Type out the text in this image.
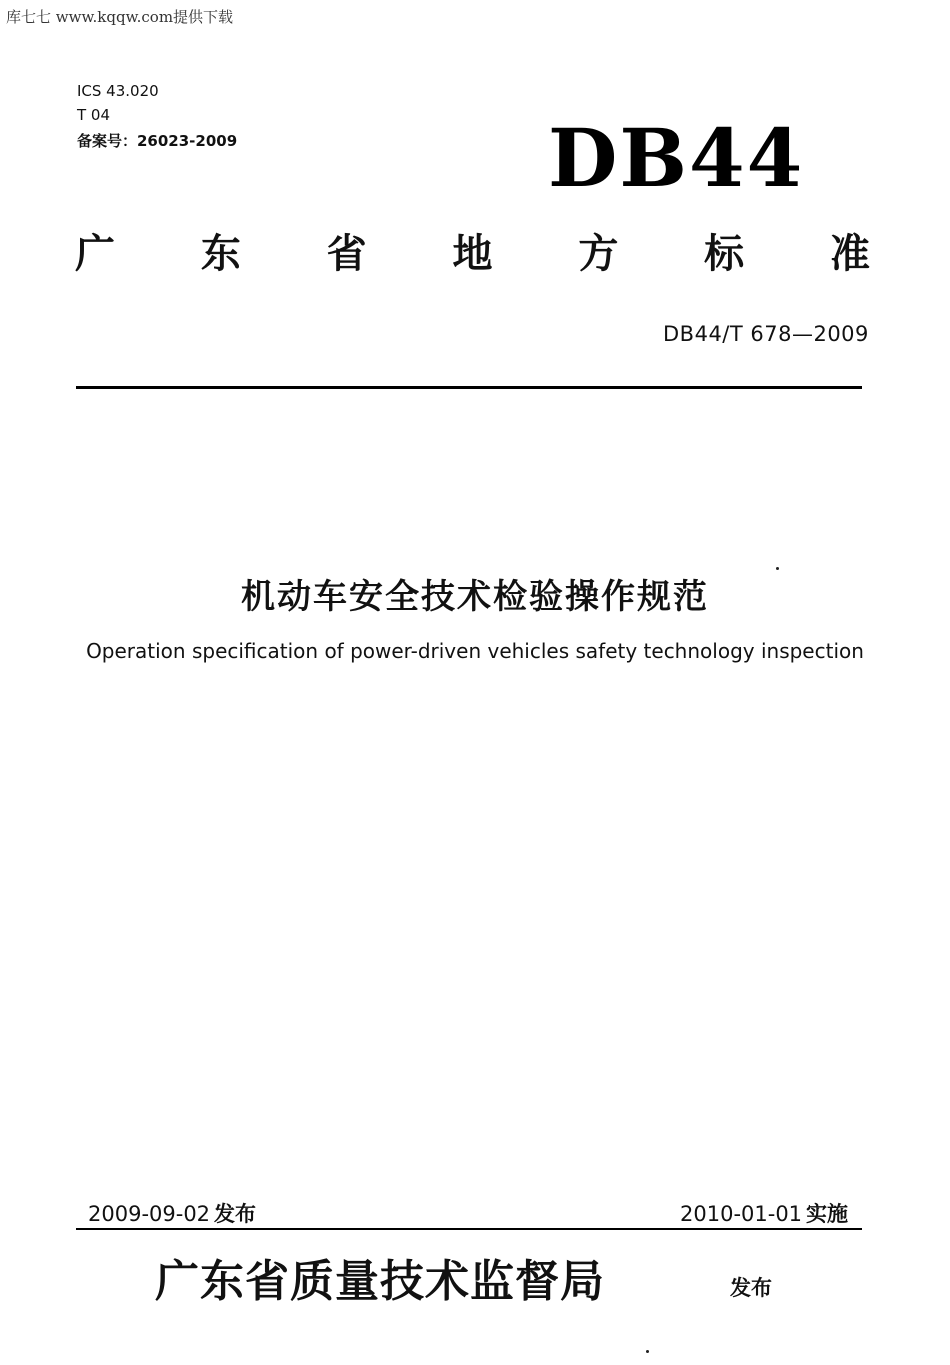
库七七 www.kqqw.com提供下载
ICS 43.020
T 04
备案号：26023-2009	DB44
广 东 省 地 方 标 准
DB44/T 678—2009
机动车安全技术检验操作规范
Operation specification of power-driven vehicles safety technology inspection
2009-09-02 发布	2010-01-01 实施
广东省质量技术监督局	发布
